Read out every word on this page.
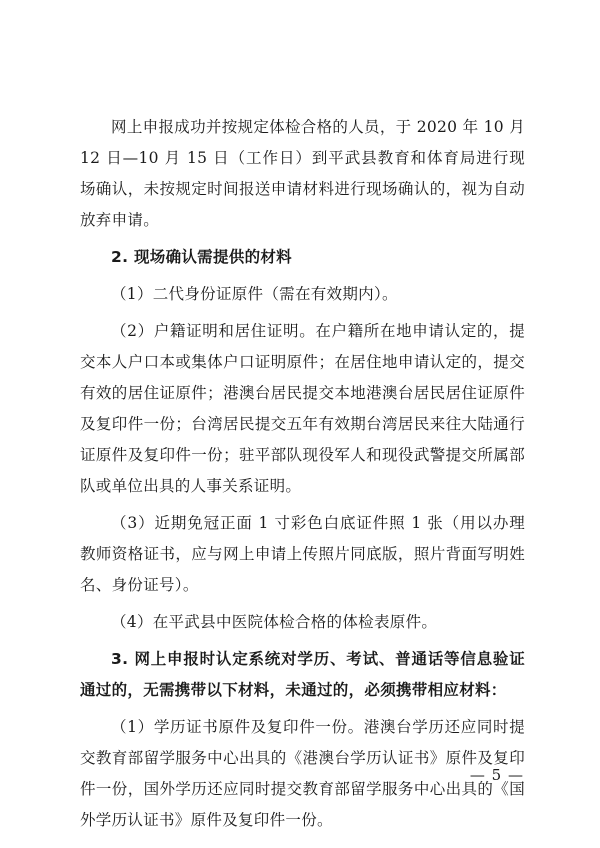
网上申报成功并按规定体检合格的人员，于 2020 年 10 月 12 日—10 月 15 日（工作日）到平武县教育和体育局进行现场确认，未按规定时间报送申请材料进行现场确认的，视为自动放弃申请。

2. 现场确认需提供的材料

（1）二代身份证原件（需在有效期内）。

（2）户籍证明和居住证明。在户籍所在地申请认定的，提交本人户口本或集体户口证明原件；在居住地申请认定的，提交有效的居住证原件；港澳台居民提交本地港澳台居民居住证原件及复印件一份；台湾居民提交五年有效期台湾居民来往大陆通行证原件及复印件一份；驻平部队现役军人和现役武警提交所属部队或单位出具的人事关系证明。

（3）近期免冠正面 1 寸彩色白底证件照 1 张（用以办理教师资格证书，应与网上申请上传照片同底版，照片背面写明姓名、身份证号）。

（4）在平武县中医院体检合格的体检表原件。

3. 网上申报时认定系统对学历、考试、普通话等信息验证通过的，无需携带以下材料，未通过的，必须携带相应材料：

（1）学历证书原件及复印件一份。港澳台学历还应同时提交教育部留学服务中心出具的《港澳台学历认证书》原件及复印件一份，国外学历还应同时提交教育部留学服务中心出具的《国外学历认证书》原件及复印件一份。

— 5 —
